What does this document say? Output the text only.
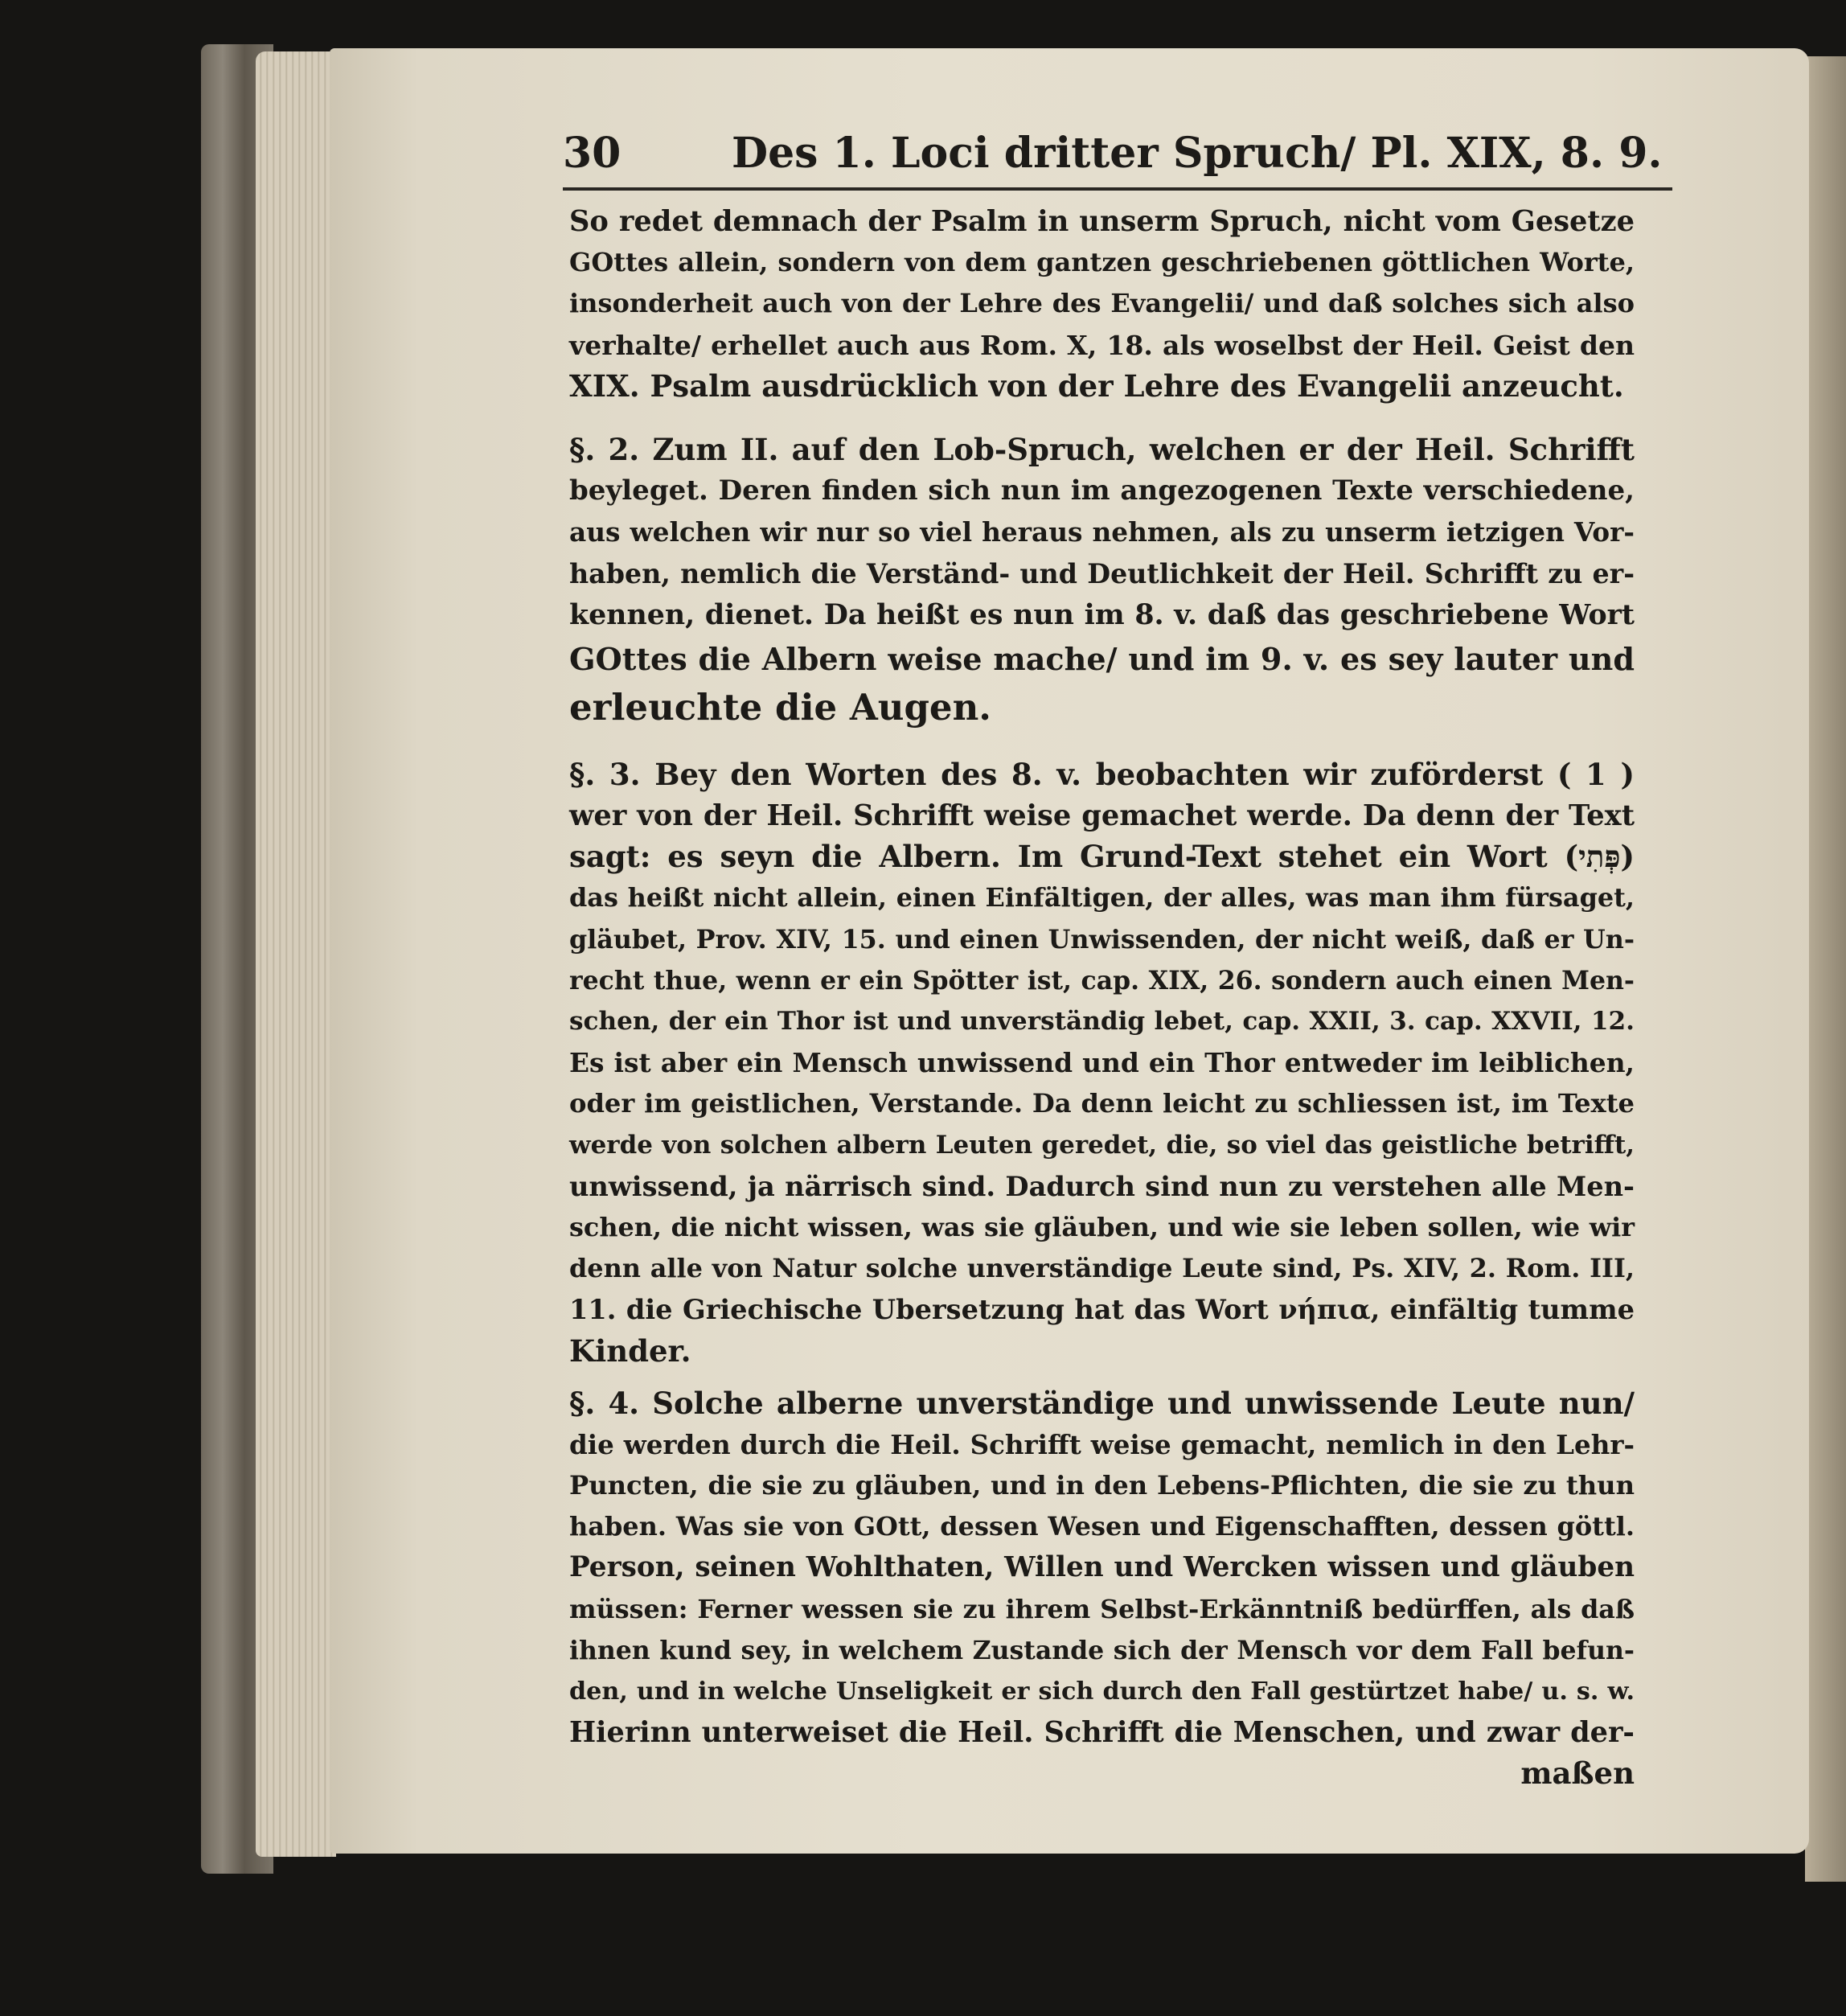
30	Des 1. Loci dritter Spruch/ Pl. XIX, 8. 9.
So redet demnach der Psalm in unserm Spruch, nicht vom Gesetze
GOttes allein, sondern von dem gantzen geschriebenen göttlichen Worte,
insonderheit auch von der Lehre des Evangelii/ und daß solches sich also
verhalte/ erhellet auch aus Rom. X, 18. als woselbst der Heil. Geist den
XIX. Psalm ausdrücklich von der Lehre des Evangelii anzeucht.
§. 2. Zum II. auf den Lob-Spruch, welchen er der Heil. Schrifft
beyleget. Deren finden sich nun im angezogenen Texte verschiedene,
aus welchen wir nur so viel heraus nehmen, als zu unserm ietzigen Vor-
haben, nemlich die Verständ- und Deutlichkeit der Heil. Schrifft zu er-
kennen, dienet. Da heißt es nun im 8. v. daß das geschriebene Wort
GOttes die Albern weise mache/ und im 9. v. es sey lauter und
erleuchte die Augen.
§. 3. Bey den Worten des 8. v. beobachten wir zuförderst ( 1 )
wer von der Heil. Schrifft weise gemachet werde. Da denn der Text
sagt: es seyn die Albern. Im Grund-Text stehet ein Wort (פְּתִי)
das heißt nicht allein, einen Einfältigen, der alles, was man ihm fürsaget,
gläubet, Prov. XIV, 15. und einen Unwissenden, der nicht weiß, daß er Un-
recht thue, wenn er ein Spötter ist, cap. XIX, 26. sondern auch einen Men-
schen, der ein Thor ist und unverständig lebet, cap. XXII, 3. cap. XXVII, 12.
Es ist aber ein Mensch unwissend und ein Thor entweder im leiblichen,
oder im geistlichen, Verstande. Da denn leicht zu schliessen ist, im Texte
werde von solchen albern Leuten geredet, die, so viel das geistliche betrifft,
unwissend, ja närrisch sind. Dadurch sind nun zu verstehen alle Men-
schen, die nicht wissen, was sie gläuben, und wie sie leben sollen, wie wir
denn alle von Natur solche unverständige Leute sind, Ps. XIV, 2. Rom. III,
11. die Griechische Ubersetzung hat das Wort νήπια, einfältig tumme
Kinder.
§. 4. Solche alberne unverständige und unwissende Leute nun/
die werden durch die Heil. Schrifft weise gemacht, nemlich in den Lehr-
Puncten, die sie zu gläuben, und in den Lebens-Pflichten, die sie zu thun
haben. Was sie von GOtt, dessen Wesen und Eigenschafften, dessen göttl.
Person, seinen Wohlthaten, Willen und Wercken wissen und gläuben
müssen: Ferner wessen sie zu ihrem Selbst-Erkänntniß bedürffen, als daß
ihnen kund sey, in welchem Zustande sich der Mensch vor dem Fall befun-
den, und in welche Unseligkeit er sich durch den Fall gestürtzet habe/ u. s. w.
Hierinn unterweiset die Heil. Schrifft die Menschen, und zwar der-
maßen
